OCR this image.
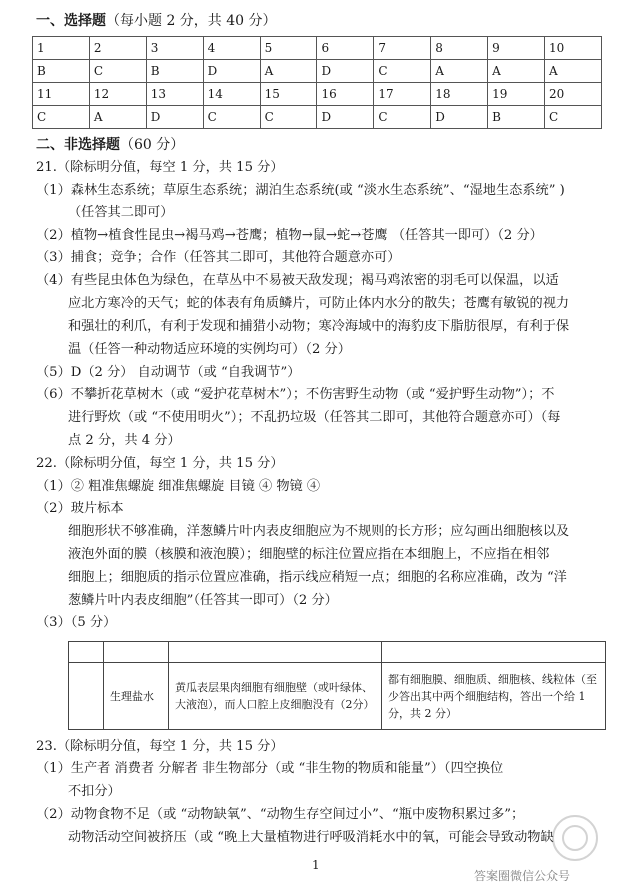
一、选择题（每小题 2 分，共 40 分）
1	2	3	4	5	6	7	8	9	10
B	C	B	D	A	D	C	A	A	A
11	12	13	14	15	16	17	18	19	20
C	A	D	C	C	D	C	D	B	C
二、非选择题（60 分）
21.（除标明分值，每空 1 分，共 15 分）
（1）森林生态系统；草原生态系统；湖泊生态系统(或 “淡水生态系统”、“湿地生态系统” )
（任答其二即可）
（2）植物→植食性昆虫→褐马鸡→苍鹰；植物→鼠→蛇→苍鹰 （任答其一即可）（2 分）
（3）捕食；竞争；合作（任答其二即可，其他符合题意亦可）
（4）有些昆虫体色为绿色，在草丛中不易被天敌发现；褐马鸡浓密的羽毛可以保温，以适
应北方寒冷的天气；蛇的体表有角质鳞片，可防止体内水分的散失；苍鹰有敏锐的视力
和强壮的利爪，有利于发现和捕猎小动物；寒冷海域中的海豹皮下脂肪很厚，有利于保
温（任答一种动物适应环境的实例均可）（2 分）
（5）D（2 分） 自动调节（或 “自我调节”）
（6）不攀折花草树木（或 “爱护花草树木”）；不伤害野生动物（或 “爱护野生动物”）；不
进行野炊（或 “不使用明火”）；不乱扔垃圾（任答其二即可，其他符合题意亦可）（每
点 2 分，共 4 分）
22.（除标明分值，每空 1 分，共 15 分）
（1）② 粗准焦螺旋 细准焦螺旋 目镜 ④ 物镜 ④
（2）玻片标本
细胞形状不够准确，洋葱鳞片叶内表皮细胞应为不规则的长方形；应勾画出细胞核以及
液泡外面的膜（核膜和液泡膜）；细胞壁的标注位置应指在本细胞上，不应指在相邻
细胞上；细胞质的指示位置应准确，指示线应稍短一点；细胞的名称应准确，改为 “洋
葱鳞片叶内表皮细胞”（任答其一即可）（2 分）
（3）（5 分）

	生理盐水	黄瓜表层果肉细胞有细胞壁（或叶绿体、大液泡），而人口腔上皮细胞没有（2分）	都有细胞膜、细胞质、细胞核、线粒体（至少答出其中两个细胞结构，答出一个给 1 分，共 2 分）
23.（除标明分值，每空 1 分，共 15 分）
（1）生产者 消费者 分解者 非生物部分（或 “非生物的物质和能量”）（四空换位
不扣分）
（2）动物食物不足（或 “动物缺氧”、“动物生存空间过小”、“瓶中废物积累过多”；
动物活动空间被挤压（或 “晚上大量植物进行呼吸消耗水中的氧，可能会导致动物缺
1
答案圈微信公众号
